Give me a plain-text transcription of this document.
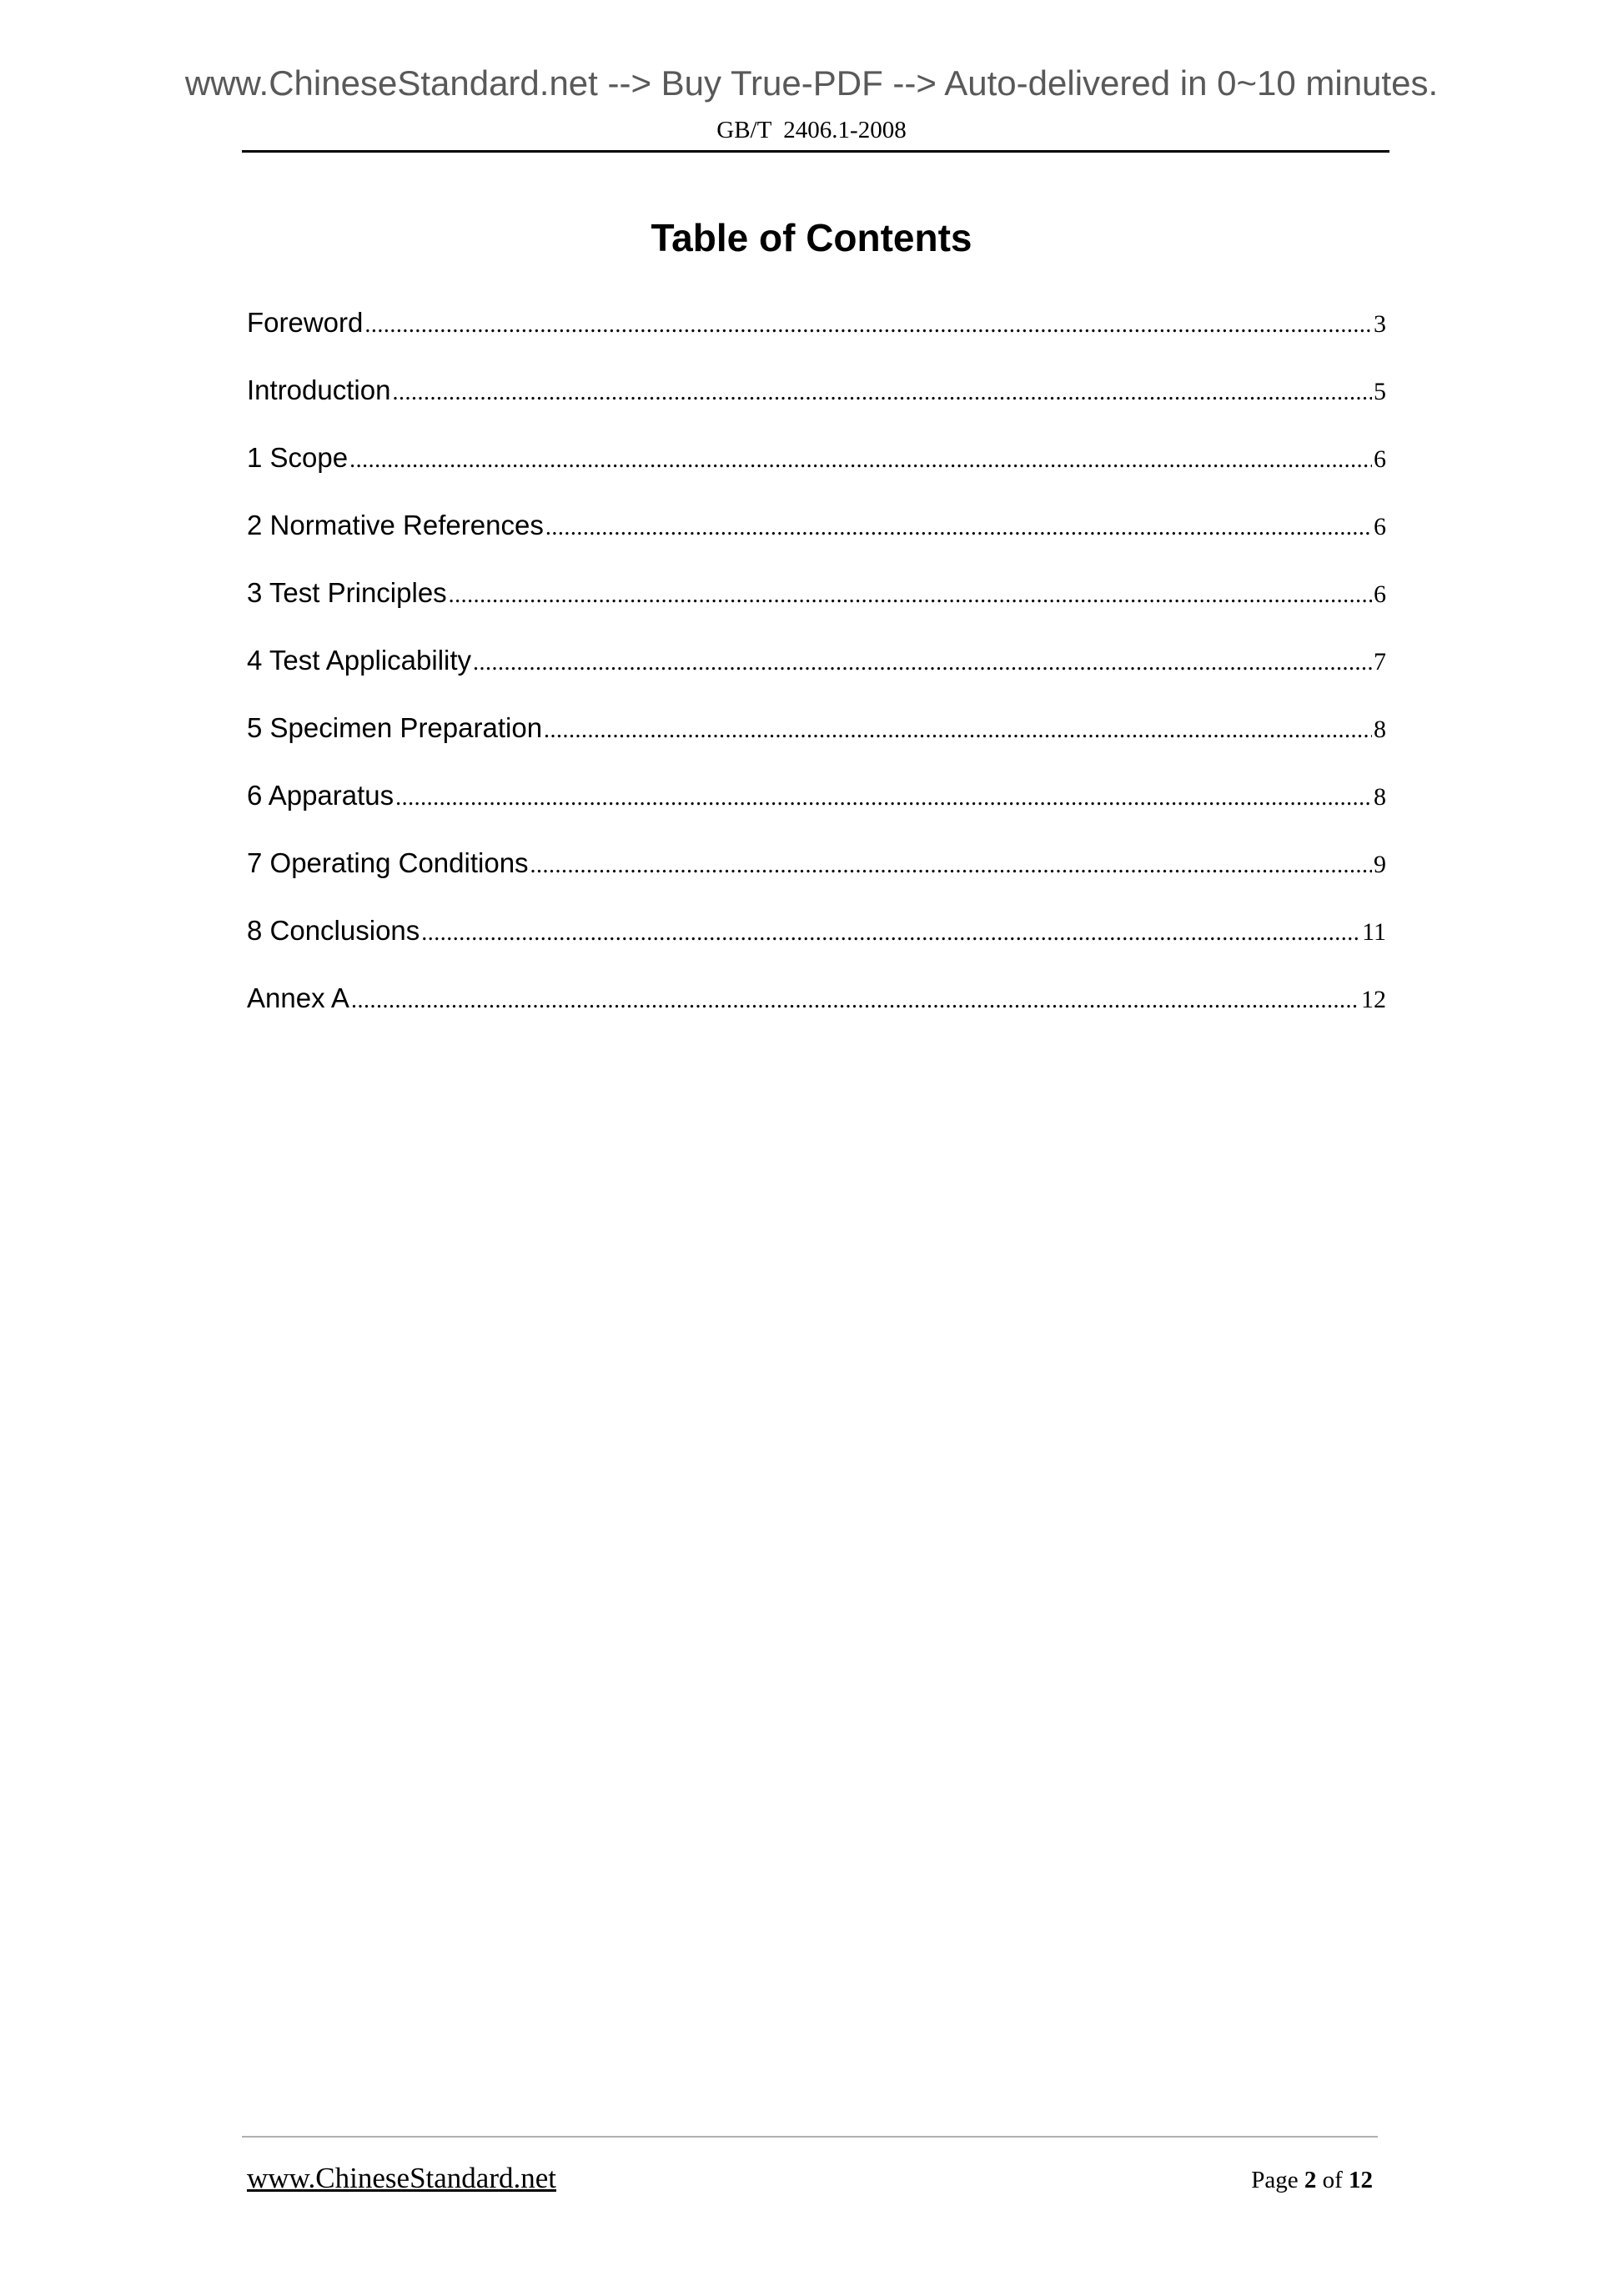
www.ChineseStandard.net --> Buy True-PDF --> Auto-delivered in 0~10 minutes.
GB/T  2406.1-2008
Table of Contents
Foreword .....	3
Introduction .....	5
1 Scope .....	6
2 Normative References .....	6
3 Test Principles .....	6
4 Test Applicability .....	7
5 Specimen Preparation .....	8
6 Apparatus .....	8
7 Operating Conditions .....	9
8 Conclusions .....	11
Annex A .....	12
www.ChineseStandard.net	Page 2 of 12
